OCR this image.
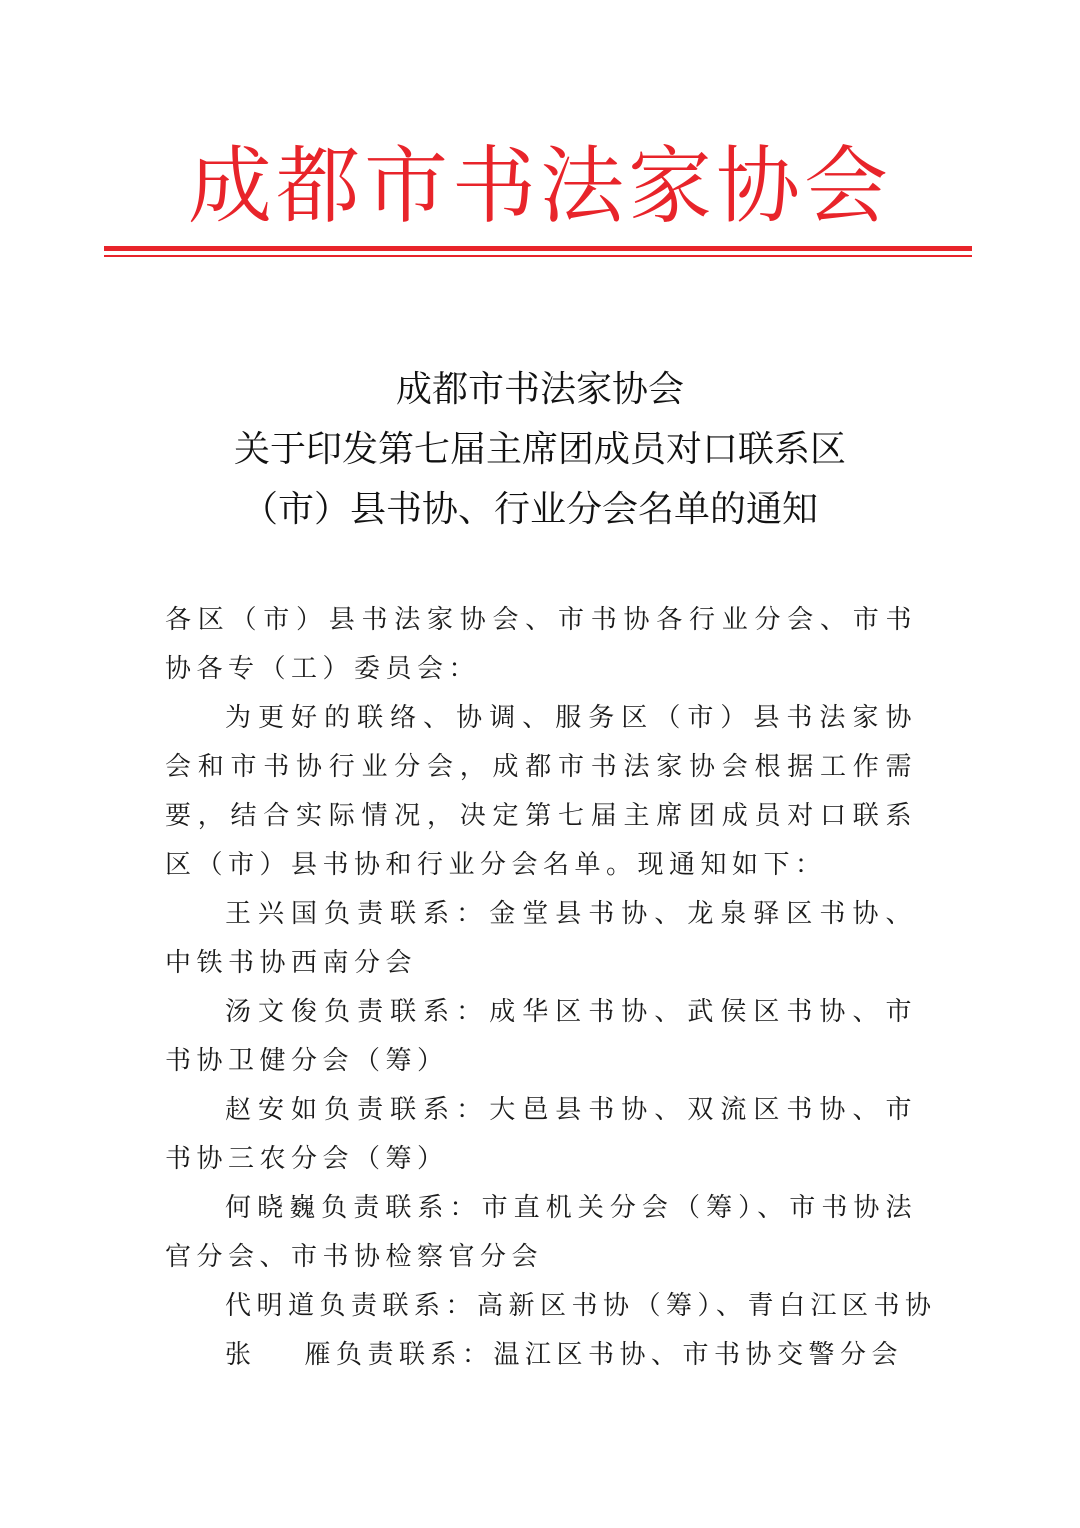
成都市书法家协会
成都市书法家协会
关于印发第七届主席团成员对口联系区
（市）县书协、行业分会名单的通知

各区（市）县书法家协会、市书协各行业分会、市书协各专（工）委员会：

为更好的联络、协调、服务区（市）县书法家协会和市书协行业分会，成都市书法家协会根据工作需要，结合实际情况，决定第七届主席团成员对口联系区（市）县书协和行业分会名单。现通知如下：

王兴国负责联系：金堂县书协、龙泉驿区书协、中铁书协西南分会

汤文俊负责联系：成华区书协、武侯区书协、市书协卫健分会（筹）

赵安如负责联系：大邑县书协、双流区书协、市书协三农分会（筹）

何晓巍负责联系：市直机关分会（筹）、市书协法官分会、市书协检察官分会

代明道负责联系：高新区书协（筹）、青白江区书协

张 雁负责联系：温江区书协、市书协交警分会
